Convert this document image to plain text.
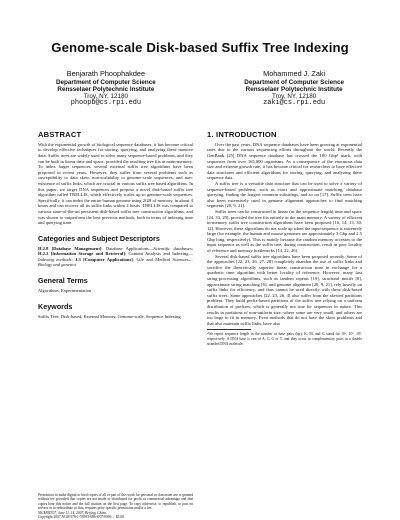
Genome-scale Disk-based Suffix Tree Indexing
Benjarath Phoophakdee
Department of Computer Science
Rensselaer Polytechnic Institute
Troy, NY, 12180
phoopb@cs.rpi.edu
Mohammed J. Zaki
Department of Computer Science
Rensselaer Polytechnic Institute
Troy, NY, 12180
zaki@cs.rpi.edu
ABSTRACT

With the exponential growth of biological sequence databases, it has become critical to develop effective techniques for storing, querying, and analyzing these massive data. Suffix trees are widely used to solve many sequence-based problems, and they can be built in linear time and space, provided the resulting tree fits in main-memory. To index larger sequences, several external suffix tree algorithms have been proposed in recent years. However, they suffer from several problems such as susceptibility to data skew, non-scalability to genome-scale sequences, and non-existence of suffix links, which are crucial in various suffix tree based algorithms. In this paper, we target DNA sequences and propose a novel disk-based suffix tree algorithm called TRELLIS, which effectively scales up to genome-scale sequences. Specifically, it can index the entire human genome using 2GB of memory, in about 4 hours and can recover all its suffix links within 2 hours. TRELLIS was compared to various state-of-the-art persistent disk-based suffix tree construction algorithms, and was shown to outperform the best previous methods, both in terms of indexing time and querying time.

Categories and Subject Descriptors
H.2.8 [Database Management]: Database Applications—Scientific databases; H.2.2 [Information Storage and Retrieval]: Content Analysis and Indexing—Indexing methods; J.3 [Computer Applications]: Life and Medical Sciences—Biology and genetics
General Terms

Algorithms, Experimentation

Keywords

Suffix Tree, Disk-based, External Memory, Genome-scale, Sequence Indexing

Permission to make digital or hard copies of all or part of this work for personal or classroom use is granted without fee provided that copies are not made or distributed for profit or commercial advantage and that copies bear this notice and the full citation on the first page. To copy otherwise, to republish, to post on servers or to redistribute to lists, requires prior specific permission and/or a fee.
SIGMOD'07, June 11–14, 2007, Beijing, China.
Copyright 2007 ACM 978-1-59593-686-8/07/0006 ... $5.00.
1. INTRODUCTION

Over the past years, DNA sequence databases have been growing at exponential rates due to the various sequencing efforts throughout the world. Recently the GenBank [25] DNA sequence database has crossed the 100 Gbp¹ mark, with sequences from over 165,000 organisms. As a consequence of the enormous data size and extreme growth rate, it has become critical for researchers to have effective data structures and efficient algorithms for storing, querying, and analyzing these sequence data.

A suffix tree is a versatile data structure that can be used to solve a variety of sequence-based problems, such as exact and approximate matching, database querying, finding the longest common substrings, and so on [17]. Suffix trees have also been extensively used in genome alignment approaches to find matching segments [20, 9, 21].

Suffix trees can be constructed in linear (in the sequence length) time and space [24, 33, 29], provided the tree fits entirely in the main memory. A variety of efficient in-memory suffix tree construction algorithms have been proposed [16, 14, 13, 30, 12]. However, these algorithms do not scale up when the input sequence is extremely large (for example, the human and mouse genomes are approximately 3 Gbp and 2.5 Gbp long, respectively). This is mainly because the random memory accesses to the input sequence as well as the suffix tree, during construction, result in poor locality of reference and memory bottlenecks [14, 22, 26].

Several disk-based suffix tree algorithms have been proposed recently. Some of the approaches [22, 23, 26, 27, 28] completely abandon the use of suffix links and sacrifice the theoretically superior linear construction time in exchange for a quadratic time algorithm with better locality of reference. However, many fast string-processing algorithms, such as tandem repeats [19], structural motifs [8], approximate string matching [6], and genome alignment [20, 9, 21], rely heavily on suffix links for efficiency, and thus cannot be used directly with these disk-based suffix trees. Some approaches [22, 23, 26, 4] also suffer from the skewed partitions problem. They build prefix-based partitions of the suffix tree relying on a uniform distribution of prefixes, which is generally not true for sequences in nature. This results in partitions of non-uniform size, where some are very small, and others are too large to fit in memory. Even methods that do not have the skew problems and that also maintain suffix links, have also

¹We report sequence length in the number of base pairs (bp); K, M, and G stand for 10³, 10⁶, 10⁹, respectively. A DNA base is one of A, C, G or T, and they occur in complementary pairs in a double stranded DNA molecule.
